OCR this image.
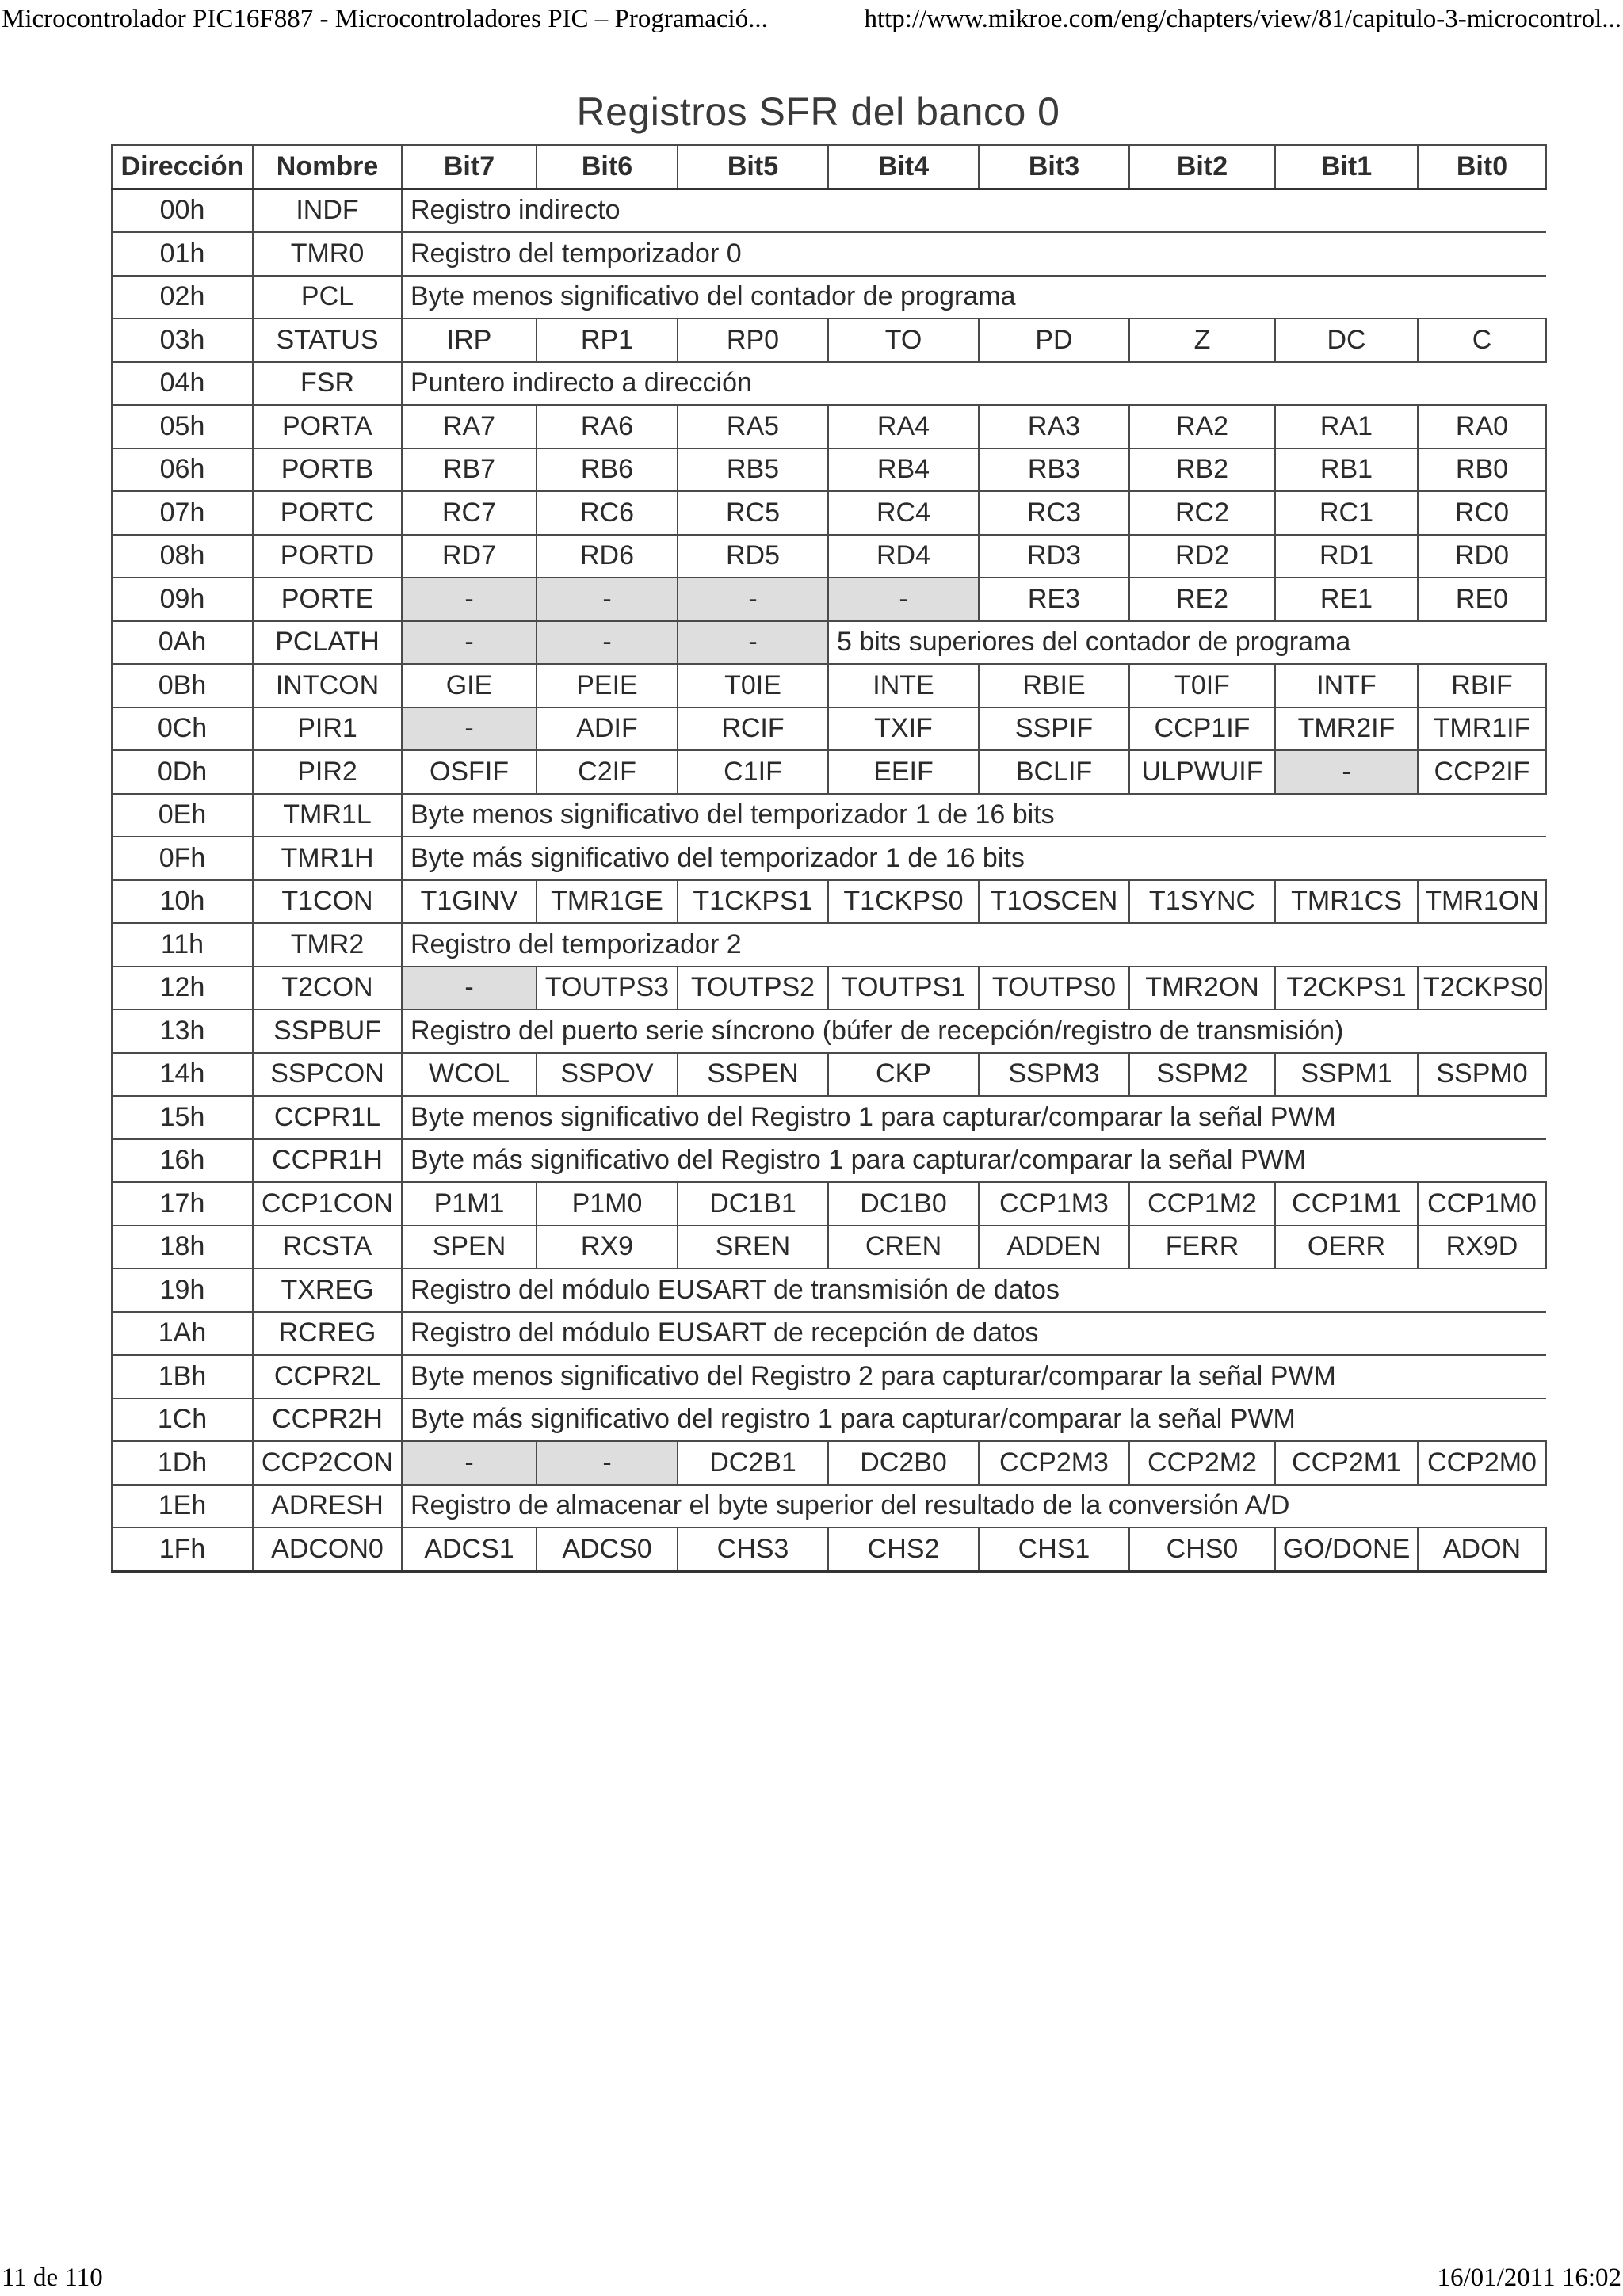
Microcontrolador PIC16F887 - Microcontroladores PIC – Programació...	http://www.mikroe.com/eng/chapters/view/81/capitulo-3-microcontrol...
Registros SFR del banco 0
Dirección	Nombre	Bit7	Bit6	Bit5	Bit4	Bit3	Bit2	Bit1	Bit0
00h	INDF	Registro indirecto							
01h	TMR0	Registro del temporizador 0							
02h	PCL	Byte menos significativo del contador de programa							
03h	STATUS	IRP	RP1	RP0	TO	PD	Z	DC	C
04h	FSR	Puntero indirecto a dirección							
05h	PORTA	RA7	RA6	RA5	RA4	RA3	RA2	RA1	RA0
06h	PORTB	RB7	RB6	RB5	RB4	RB3	RB2	RB1	RB0
07h	PORTC	RC7	RC6	RC5	RC4	RC3	RC2	RC1	RC0
08h	PORTD	RD7	RD6	RD5	RD4	RD3	RD2	RD1	RD0
09h	PORTE	-	-	-	-	RE3	RE2	RE1	RE0
0Ah	PCLATH	-	-	-	5 bits superiores del contador de programa				
0Bh	INTCON	GIE	PEIE	T0IE	INTE	RBIE	T0IF	INTF	RBIF
0Ch	PIR1	-	ADIF	RCIF	TXIF	SSPIF	CCP1IF	TMR2IF	TMR1IF
0Dh	PIR2	OSFIF	C2IF	C1IF	EEIF	BCLIF	ULPWUIF	-	CCP2IF
0Eh	TMR1L	Byte menos significativo del temporizador 1 de 16 bits							
0Fh	TMR1H	Byte más significativo del temporizador 1 de 16 bits							
10h	T1CON	T1GINV	TMR1GE	T1CKPS1	T1CKPS0	T1OSCEN	T1SYNC	TMR1CS	TMR1ON
11h	TMR2	Registro del temporizador 2							
12h	T2CON	-	TOUTPS3	TOUTPS2	TOUTPS1	TOUTPS0	TMR2ON	T2CKPS1	T2CKPS0
13h	SSPBUF	Registro del puerto serie síncrono (búfer de recepción/registro de transmisión)							
14h	SSPCON	WCOL	SSPOV	SSPEN	CKP	SSPM3	SSPM2	SSPM1	SSPM0
15h	CCPR1L	Byte menos significativo del Registro 1 para capturar/comparar la señal PWM							
16h	CCPR1H	Byte más significativo del Registro 1 para capturar/comparar la señal PWM							
17h	CCP1CON	P1M1	P1M0	DC1B1	DC1B0	CCP1M3	CCP1M2	CCP1M1	CCP1M0
18h	RCSTA	SPEN	RX9	SREN	CREN	ADDEN	FERR	OERR	RX9D
19h	TXREG	Registro del módulo EUSART de transmisión de datos							
1Ah	RCREG	Registro del módulo EUSART de recepción de datos							
1Bh	CCPR2L	Byte menos significativo del Registro 2 para capturar/comparar la señal PWM							
1Ch	CCPR2H	Byte más significativo del registro 1 para capturar/comparar la señal PWM							
1Dh	CCP2CON	-	-	DC2B1	DC2B0	CCP2M3	CCP2M2	CCP2M1	CCP2M0
1Eh	ADRESH	Registro de almacenar el byte superior del resultado de la conversión A/D							
1Fh	ADCON0	ADCS1	ADCS0	CHS3	CHS2	CHS1	CHS0	GO/DONE	ADON
11 de 110	16/01/2011 16:02
